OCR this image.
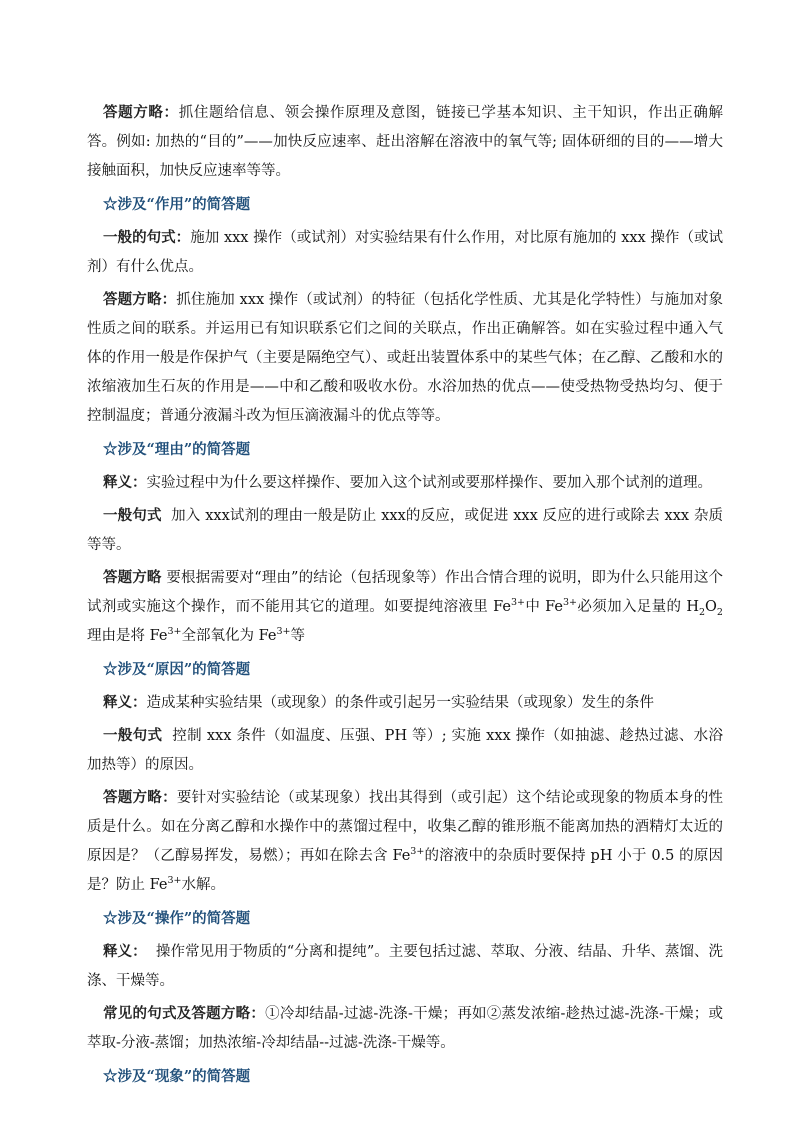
答题方略：抓住题给信息、领会操作原理及意图，链接已学基本知识、主干知识，作出正确解答。例如: 加热的“目的”——加快反应速率、赶出溶解在溶液中的氧气等; 固体研细的目的——增大接触面积，加快反应速率等等。

☆涉及“作用”的简答题

一般的句式：施加 xxx 操作（或试剂）对实验结果有什么作用，对比原有施加的 xxx 操作（或试剂）有什么优点。

答题方略：抓住施加 xxx 操作（或试剂）的特征（包括化学性质、尤其是化学特性）与施加对象性质之间的联系。并运用已有知识联系它们之间的关联点，作出正确解答。如在实验过程中通入气体的作用一般是作保护气（主要是隔绝空气）、或赶出装置体系中的某些气体；在乙醇、乙酸和水的浓缩液加生石灰的作用是——中和乙酸和吸收水份。水浴加热的优点——使受热物受热均匀、便于控制温度；普通分液漏斗改为恒压滴液漏斗的优点等等。

☆涉及“理由”的简答题

释义：实验过程中为什么要这样操作、要加入这个试剂或要那样操作、要加入那个试剂的道理。

一般句式 加入 xxx试剂的理由一般是防止 xxx的反应，或促进 xxx 反应的进行或除去 xxx 杂质等等。

答题方略 要根据需要对“理由”的结论（包括现象等）作出合情合理的说明，即为什么只能用这个试剂或实施这个操作，而不能用其它的道理。如要提纯溶液里 $Fe^{3+}$中 $Fe^{3+}$必须加入足量的 $H_2O_2$理由是将 $Fe^{3+}$全部氧化为 $Fe^{3+}$等

☆涉及“原因”的简答题

释义：造成某种实验结果（或现象）的条件或引起另一实验结果（或现象）发生的条件

一般句式 控制 xxx 条件（如温度、压强、PH 等）; 实施 xxx 操作（如抽滤、趁热过滤、水浴加热等）的原因。

答题方略：要针对实验结论（或某现象）找出其得到（或引起）这个结论或现象的物质本身的性质是什么。如在分离乙醇和水操作中的蒸馏过程中，收集乙醇的锥形瓶不能离加热的酒精灯太近的原因是？（乙醇易挥发，易燃）；再如在除去含 $Fe^{3+}$的溶液中的杂质时要保持 pH 小于 0.5 的原因是？防止 $Fe^{3+}$水解。

☆涉及“操作”的简答题

释义： 操作常见用于物质的“分离和提纯”。主要包括过滤、萃取、分液、结晶、升华、蒸馏、洗涤、干燥等。

常见的句式及答题方略：①冷却结晶-过滤-洗涤-干燥；再如②蒸发浓缩-趁热过滤-洗涤-干燥；或萃取-分液-蒸馏；加热浓缩-冷却结晶--过滤-洗涤-干燥等。

☆涉及“现象”的简答题
